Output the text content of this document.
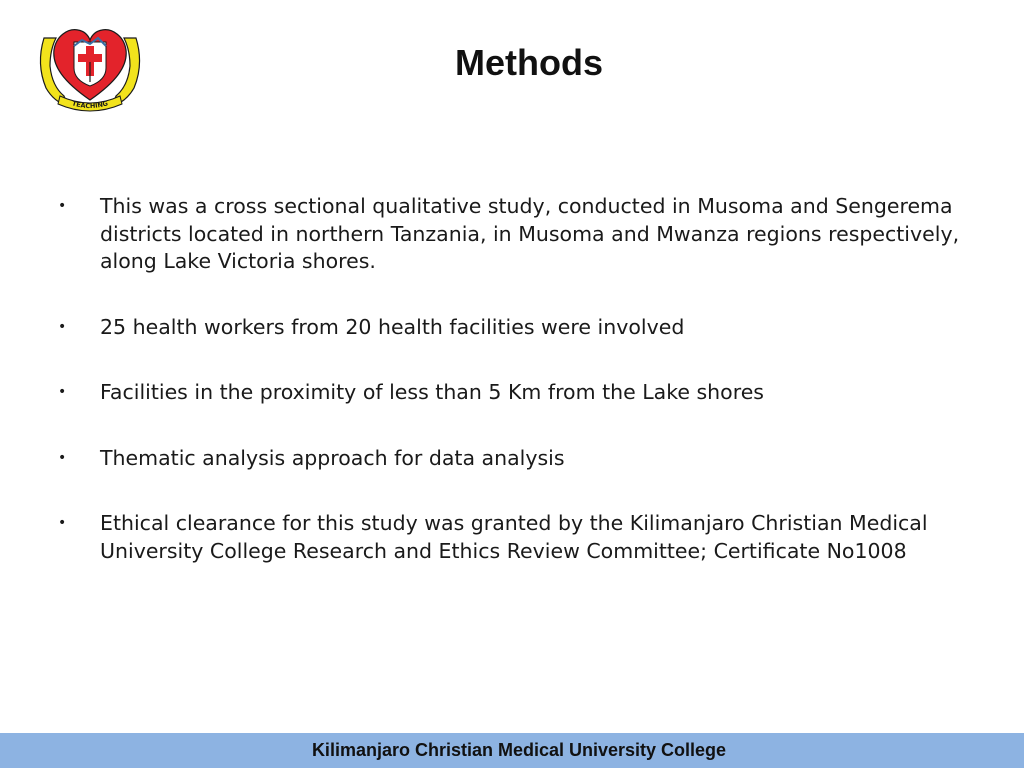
TEACHING
Methods
• This was a cross sectional qualitative study, conducted in Musoma and Sengerema districts located in northern Tanzania, in Musoma and Mwanza regions respectively, along Lake Victoria shores.
• 25 health workers from 20 health facilities were involved
• Facilities in the proximity of less than 5 Km from the Lake shores
• Thematic analysis approach for data analysis
• Ethical clearance for this study was granted by the Kilimanjaro Christian Medical University College Research and Ethics Review Committee; Certificate No1008
Kilimanjaro Christian Medical University College
